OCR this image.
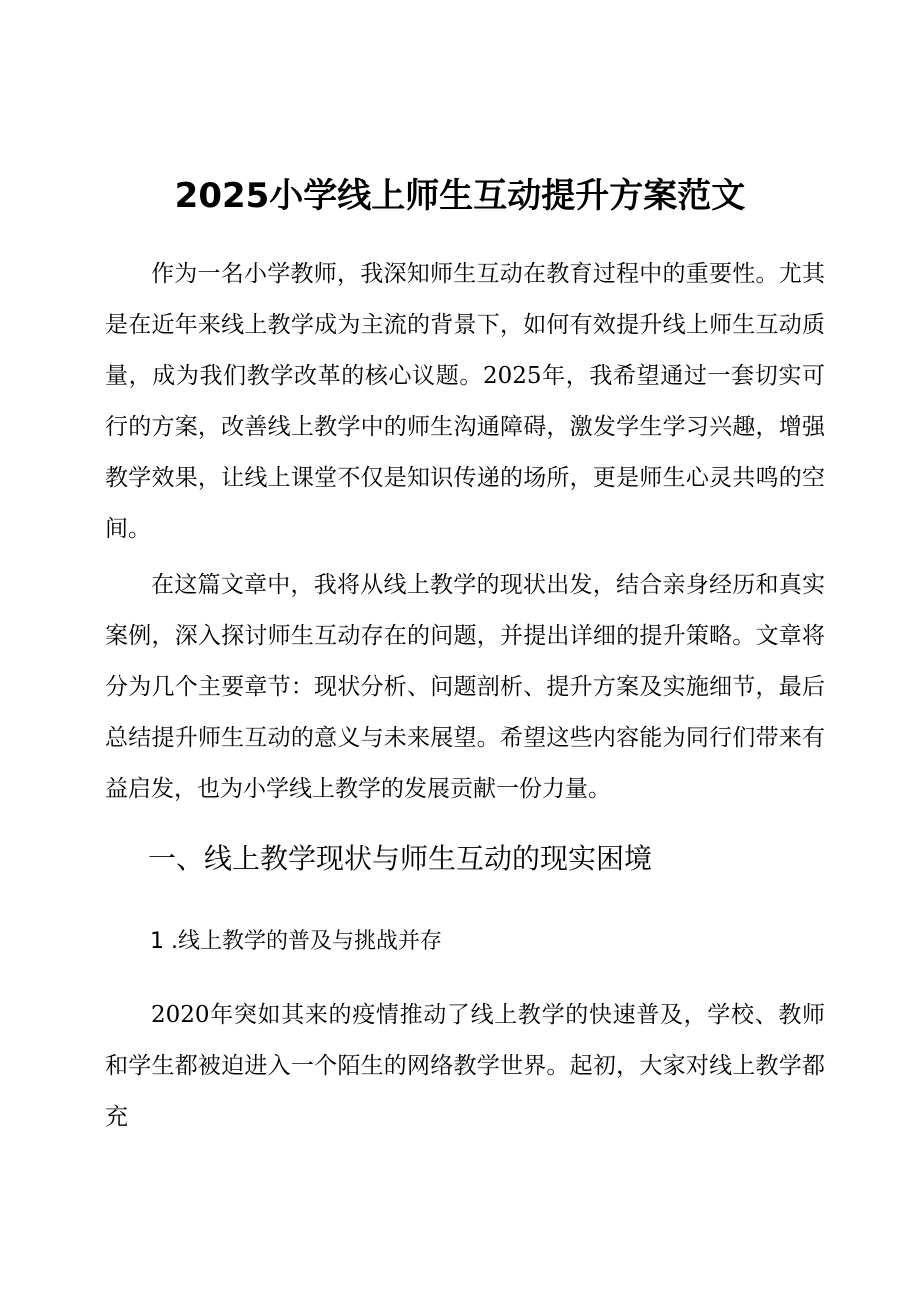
2025小学线上师生互动提升方案范文

作为一名小学教师，我深知师生互动在教育过程中的重要性。尤其是在近年来线上教学成为主流的背景下，如何有效提升线上师生互动质量，成为我们教学改革的核心议题。2025年，我希望通过一套切实可行的方案，改善线上教学中的师生沟通障碍，激发学生学习兴趣，增强教学效果，让线上课堂不仅是知识传递的场所，更是师生心灵共鸣的空间。

在这篇文章中，我将从线上教学的现状出发，结合亲身经历和真实案例，深入探讨师生互动存在的问题，并提出详细的提升策略。文章将分为几个主要章节：现状分析、问题剖析、提升方案及实施细节，最后总结提升师生互动的意义与未来展望。希望这些内容能为同行们带来有益启发，也为小学线上教学的发展贡献一份力量。

一、线上教学现状与师生互动的现实困境
1 .线上教学的普及与挑战并存

2020年突如其来的疫情推动了线上教学的快速普及，学校、教师和学生都被迫进入一个陌生的网络教学世界。起初，大家对线上教学都充
